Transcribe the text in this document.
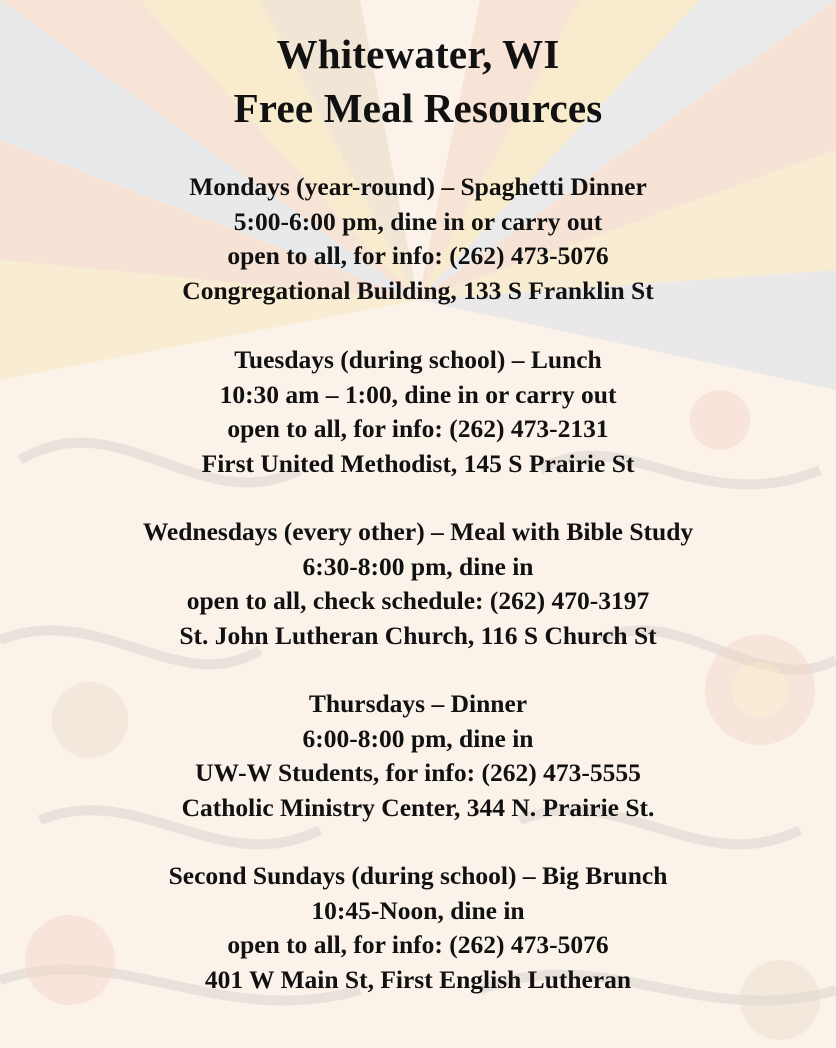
Whitewater, WI
Free Meal Resources
Mondays (year-round) – Spaghetti Dinner
5:00-6:00 pm, dine in or carry out
open to all, for info: (262) 473-5076
Congregational Building, 133 S Franklin St
Tuesdays (during school) – Lunch
10:30 am – 1:00, dine in or carry out
open to all, for info: (262) 473-2131
First United Methodist, 145 S Prairie St
Wednesdays (every other) – Meal with Bible Study
6:30-8:00 pm, dine in
open to all, check schedule: (262) 470-3197
St. John Lutheran Church, 116 S Church St
Thursdays – Dinner
6:00-8:00 pm, dine in
UW-W Students, for info: (262) 473-5555
Catholic Ministry Center, 344 N. Prairie St.
Second Sundays (during school) – Big Brunch
10:45-Noon, dine in
open to all, for info: (262) 473-5076
401 W Main St, First English Lutheran
